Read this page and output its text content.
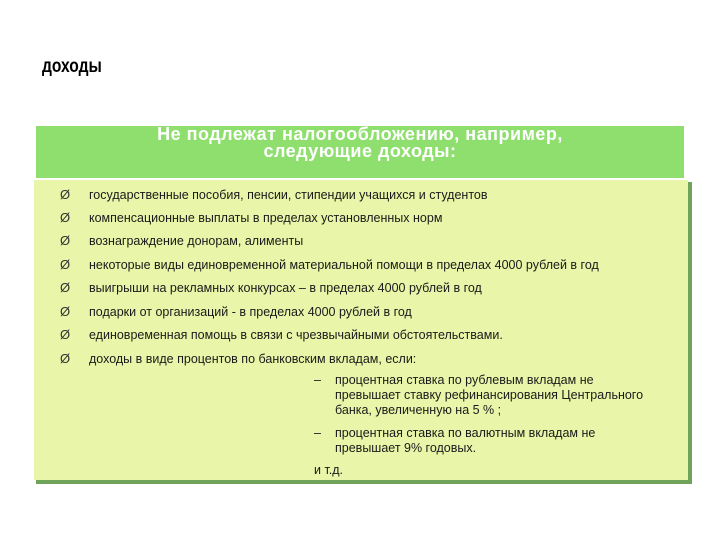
доходы
Не подлежат налогообложению, например,
следующие доходы:
Ø государственные пособия, пенсии, стипендии учащихся и студентов
Ø компенсационные выплаты в пределах установленных норм
Ø вознаграждение донорам, алименты
Ø некоторые виды единовременной материальной помощи в пределах 4000 рублей в год
Ø выигрыши на рекламных конкурсах – в пределах 4000 рублей в год
Ø подарки от организаций - в пределах 4000 рублей в год
Ø единовременная помощь в связи с чрезвычайными обстоятельствами.
Ø доходы в виде процентов по банковским вкладам, если:
– процентная ставка по рублевым вкладам не
превышает ставку рефинансирования Центрального
банка, увеличенную на 5 % ;
– процентная ставка по валютным вкладам не
превышает 9% годовых.
и т.д.
